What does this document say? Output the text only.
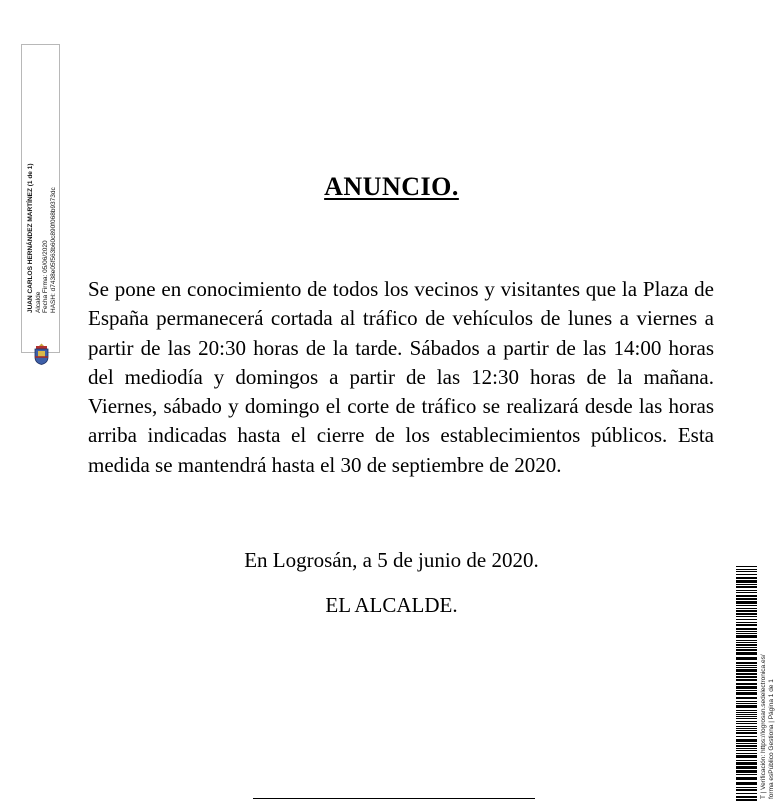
JUAN CARLOS HERNÁNDEZ MARTÍNEZ (1 de 1) Alcalde Fecha Firma: 05/06/2020 HASH: d7438e05f563b60c890f068b9373dc
ANUNCIO.
Se pone en conocimiento de todos los vecinos y visitantes que la Plaza de España permanecerá cortada al tráfico de vehículos de lunes a viernes a partir de las 20:30 horas de la tarde. Sábados a partir de las 14:00 horas del mediodía y domingos a partir de las 12:30 horas de la mañana. Viernes, sábado y domingo el corte de tráfico se realizará desde las horas arriba indicadas hasta el cierre de los establecimientos públicos. Esta medida se mantendrá hasta el 30 de septiembre de 2020.
En Logrosán, a 5 de junio de 2020.
EL ALCALDE.
T | Verificación: https://logrosan.sedelectronica.es/ forma esPúblico Gestiona | Página 1 de 1
